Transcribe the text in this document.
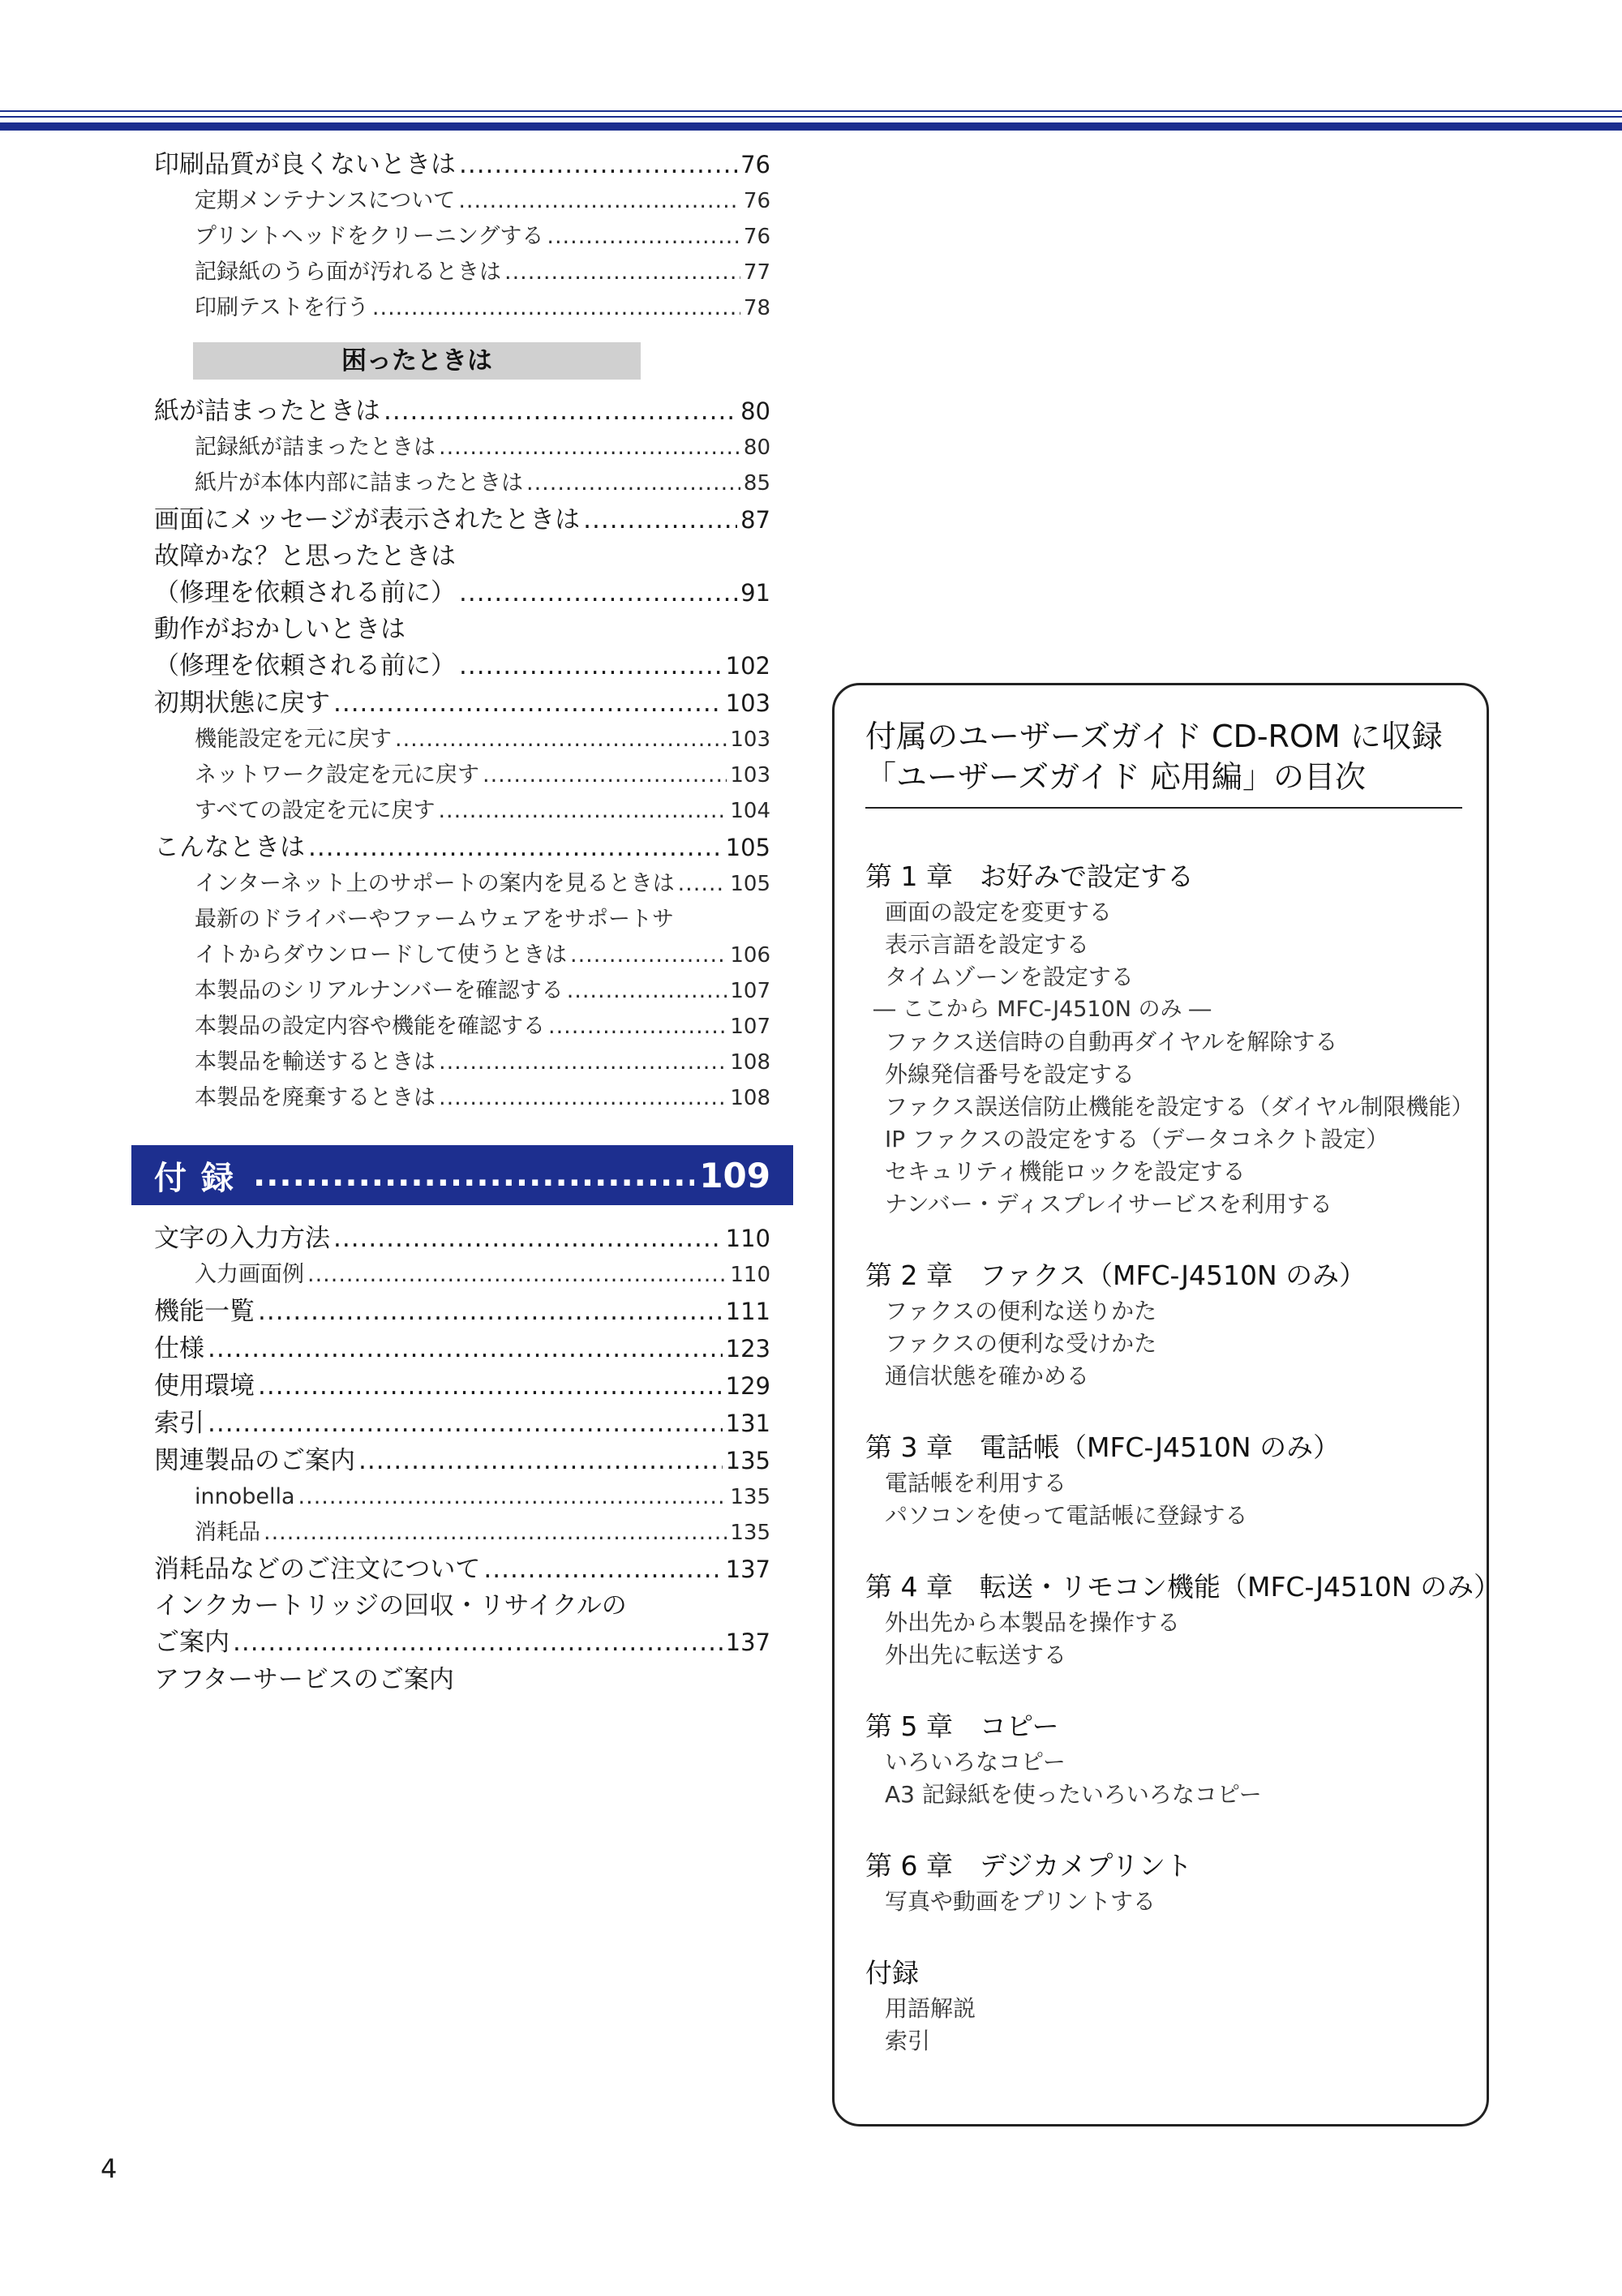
印刷品質が良くないときは .....	76
定期メンテナンスについて .....	76
プリントヘッドをクリーニングする .....	76
記録紙のうら面が汚れるときは .....	77
印刷テストを行う .....	78
困ったときは
紙が詰まったときは .....	80
記録紙が詰まったときは .....	80
紙片が本体内部に詰まったときは .....	85
画面にメッセージが表示されたときは .....	87
故障かな？と思ったときは
（修理を依頼される前に） .....	91
動作がおかしいときは
（修理を依頼される前に） .....	102
初期状態に戻す .....	103
機能設定を元に戻す .....	103
ネットワーク設定を元に戻す .....	103
すべての設定を元に戻す .....	104
こんなときは .....	105
インターネット上のサポートの案内を見るときは .....	105
最新のドライバーやファームウェアをサポートサ
イトからダウンロードして使うときは .....	106
本製品のシリアルナンバーを確認する .....	107
本製品の設定内容や機能を確認する .....	107
本製品を輸送するときは .....	108
本製品を廃棄するときは .....	108
付録 .....	109
文字の入力方法 .....	110
入力画面例 .....	110
機能一覧 .....	111
仕様 .....	123
使用環境 .....	129
索引 .....	131
関連製品のご案内 .....	135
innobella .....	135
消耗品 .....	135
消耗品などのご注文について .....	137
インクカートリッジの回収・リサイクルの
ご案内 .....	137
アフターサービスのご案内
付属のユーザーズガイド CD-ROM に収録
「ユーザーズガイド 応用編」の目次
第 1 章　お好みで設定する
画面の設定を変更する
表示言語を設定する
タイムゾーンを設定する
― ここから MFC-J4510N のみ ―
ファクス送信時の自動再ダイヤルを解除する
外線発信番号を設定する
ファクス誤送信防止機能を設定する（ダイヤル制限機能）
IP ファクスの設定をする（データコネクト設定）
セキュリティ機能ロックを設定する
ナンバー・ディスプレイサービスを利用する
第 2 章　ファクス（MFC-J4510N のみ）
ファクスの便利な送りかた
ファクスの便利な受けかた
通信状態を確かめる
第 3 章　電話帳（MFC-J4510N のみ）
電話帳を利用する
パソコンを使って電話帳に登録する
第 4 章　転送・リモコン機能（MFC-J4510N のみ）
外出先から本製品を操作する
外出先に転送する
第 5 章　コピー
いろいろなコピー
A3 記録紙を使ったいろいろなコピー
第 6 章　デジカメプリント
写真や動画をプリントする
付録
用語解説
索引
4
